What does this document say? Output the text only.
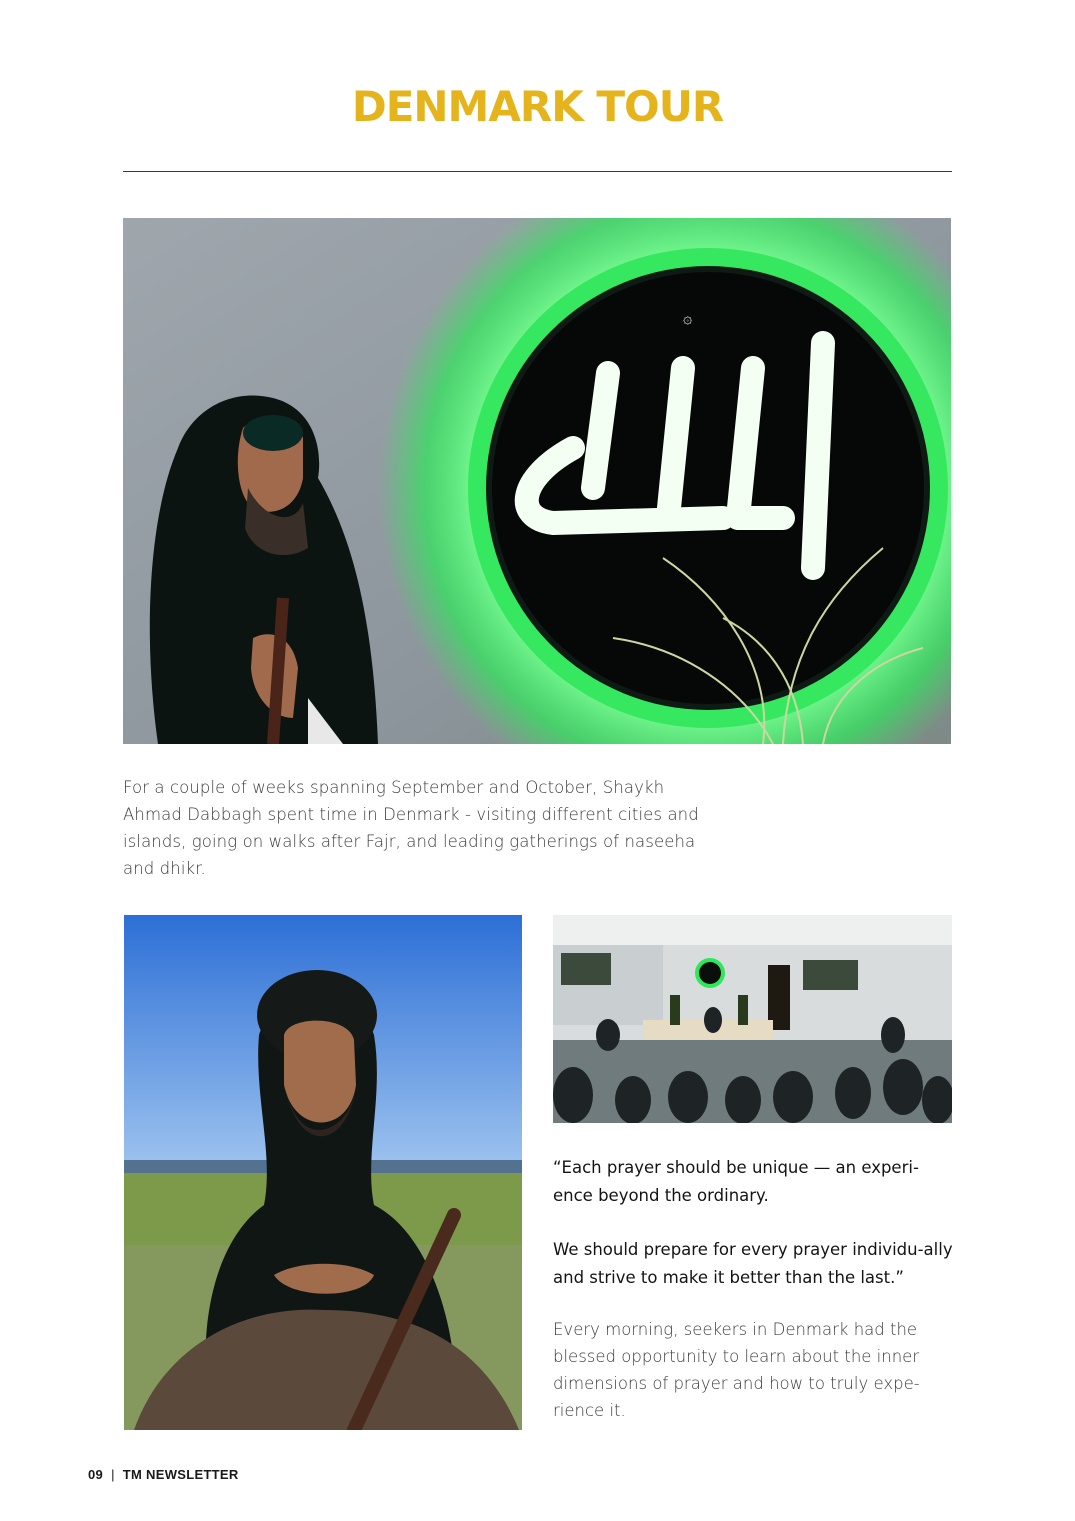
DENMARK TOUR
۞
For a couple of weeks spanning September and October, Shaykh Ahmad Dabbagh spent time in Denmark - visiting different cities and islands, going on walks after Fajr, and leading gatherings of naseeha and dhikr.
“Each prayer should be unique — an experi-ence beyond the ordinary.
We should prepare for every prayer individu-ally and strive to make it better than the last.”
Every morning, seekers in Denmark had the blessed opportunity to learn about the inner dimensions of prayer and how to truly expe-rience it.
09 | TM NEWSLETTER
